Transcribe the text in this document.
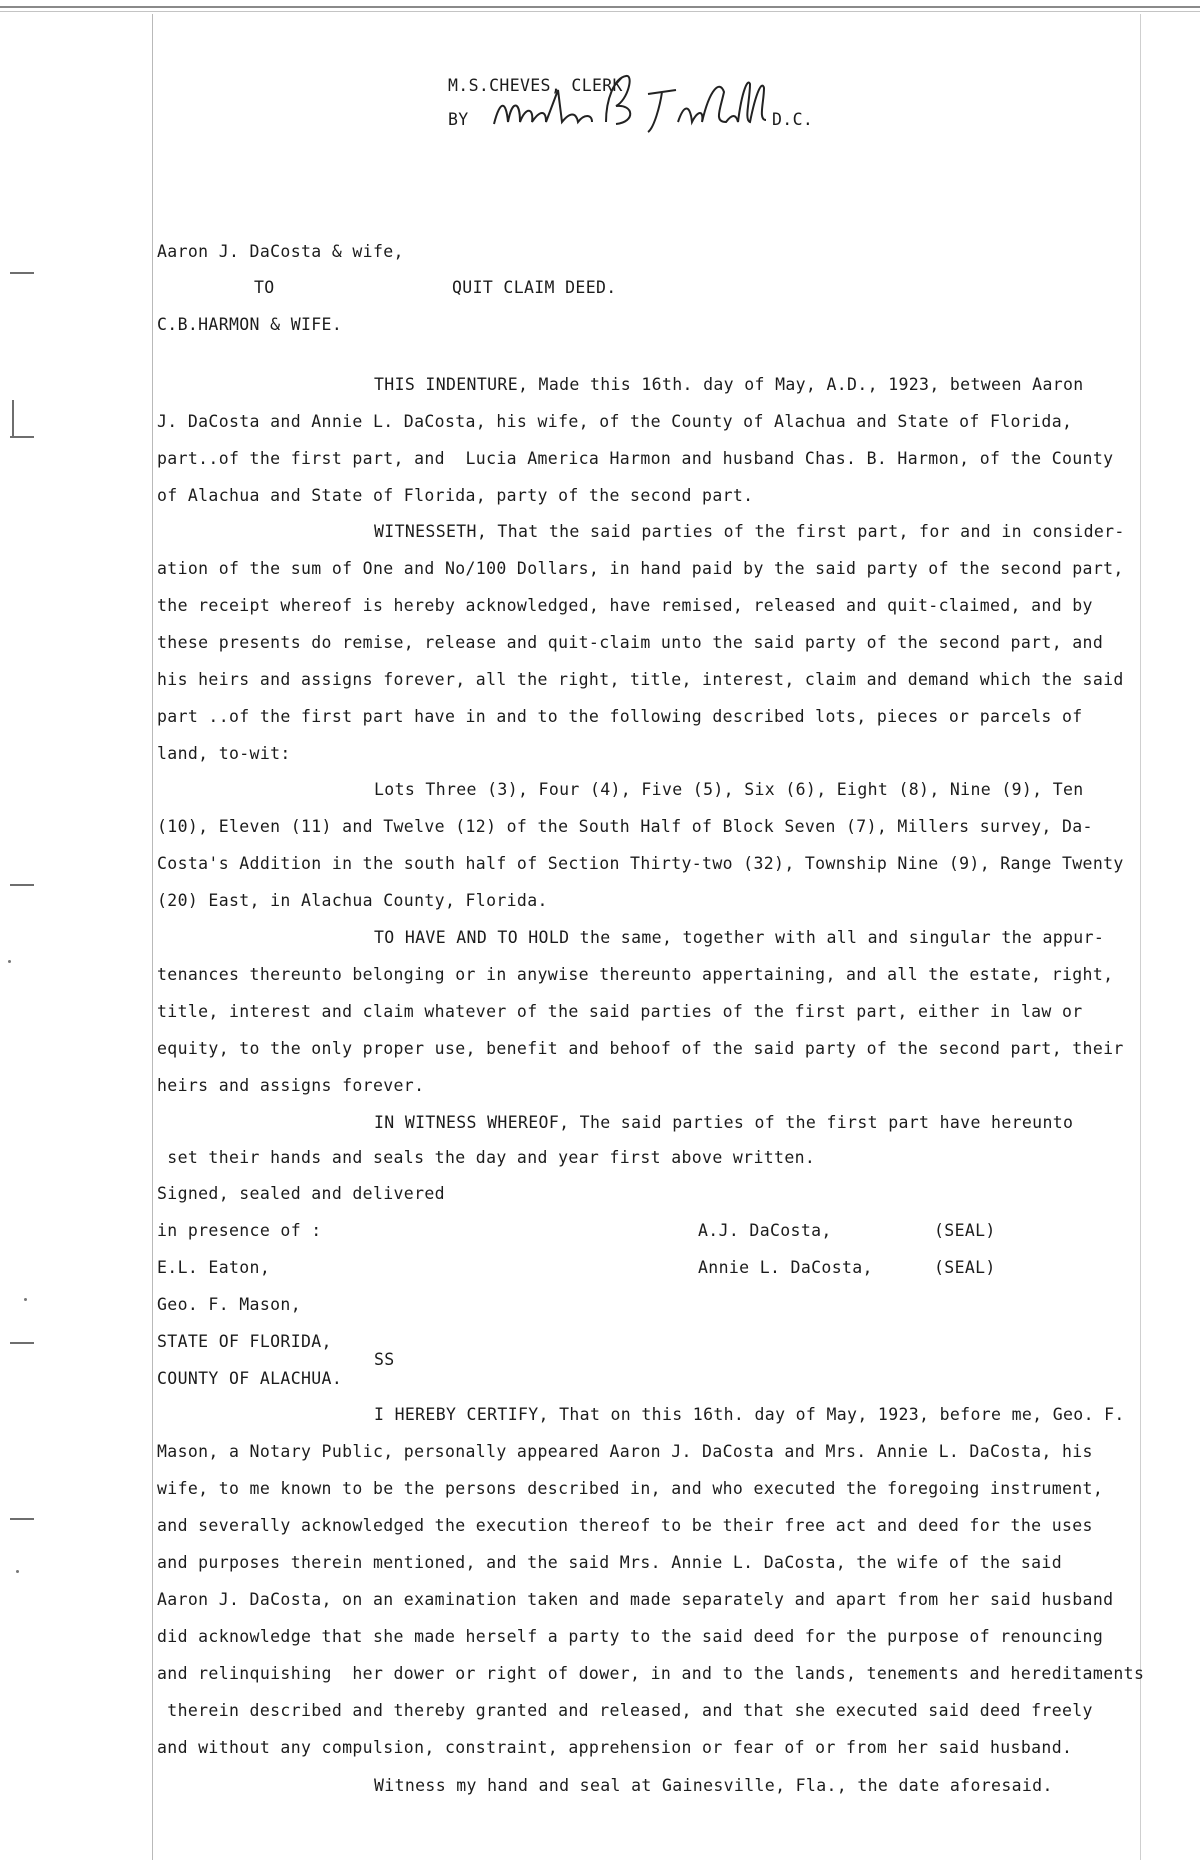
M.S.CHEVES, CLERK
BY	D.C.
Aaron J. DaCosta & wife,
TO	QUIT CLAIM DEED.
C.B.HARMON & WIFE.
THIS INDENTURE, Made this 16th. day of May, A.D., 1923, between Aaron
J. DaCosta and Annie L. DaCosta, his wife, of the County of Alachua and State of Florida,
part..of the first part, and  Lucia America Harmon and husband Chas. B. Harmon, of the County
of Alachua and State of Florida, party of the second part.
WITNESSETH, That the said parties of the first part, for and in consider-
ation of the sum of One and No/100 Dollars, in hand paid by the said party of the second part,
the receipt whereof is hereby acknowledged, have remised, released and quit-claimed, and by
these presents do remise, release and quit-claim unto the said party of the second part, and
his heirs and assigns forever, all the right, title, interest, claim and demand which the said
part ..of the first part have in and to the following described lots, pieces or parcels of
land, to-wit:
Lots Three (3), Four (4), Five (5), Six (6), Eight (8), Nine (9), Ten
(10), Eleven (11) and Twelve (12) of the South Half of Block Seven (7), Millers survey, Da-
Costa's Addition in the south half of Section Thirty-two (32), Township Nine (9), Range Twenty
(20) East, in Alachua County, Florida.
TO HAVE AND TO HOLD the same, together with all and singular the appur-
tenances thereunto belonging or in anywise thereunto appertaining, and all the estate, right,
title, interest and claim whatever of the said parties of the first part, either in law or
equity, to the only proper use, benefit and behoof of the said party of the second part, their
heirs and assigns forever.
IN WITNESS WHEREOF, The said parties of the first part have hereunto
set their hands and seals the day and year first above written.
Signed, sealed and delivered
in presence of :	A.J. DaCosta,	(SEAL)
E.L. Eaton,	Annie L. DaCosta,	(SEAL)
Geo. F. Mason,
STATE OF FLORIDA,
SS
COUNTY OF ALACHUA.
I HEREBY CERTIFY, That on this 16th. day of May, 1923, before me, Geo. F.
Mason, a Notary Public, personally appeared Aaron J. DaCosta and Mrs. Annie L. DaCosta, his
wife, to me known to be the persons described in, and who executed the foregoing instrument,
and severally acknowledged the execution thereof to be their free act and deed for the uses
and purposes therein mentioned, and the said Mrs. Annie L. DaCosta, the wife of the said
Aaron J. DaCosta, on an examination taken and made separately and apart from her said husband
did acknowledge that she made herself a party to the said deed for the purpose of renouncing
and relinquishing  her dower or right of dower, in and to the lands, tenements and hereditaments
therein described and thereby granted and released, and that she executed said deed freely
and without any compulsion, constraint, apprehension or fear of or from her said husband.
Witness my hand and seal at Gainesville, Fla., the date aforesaid.
